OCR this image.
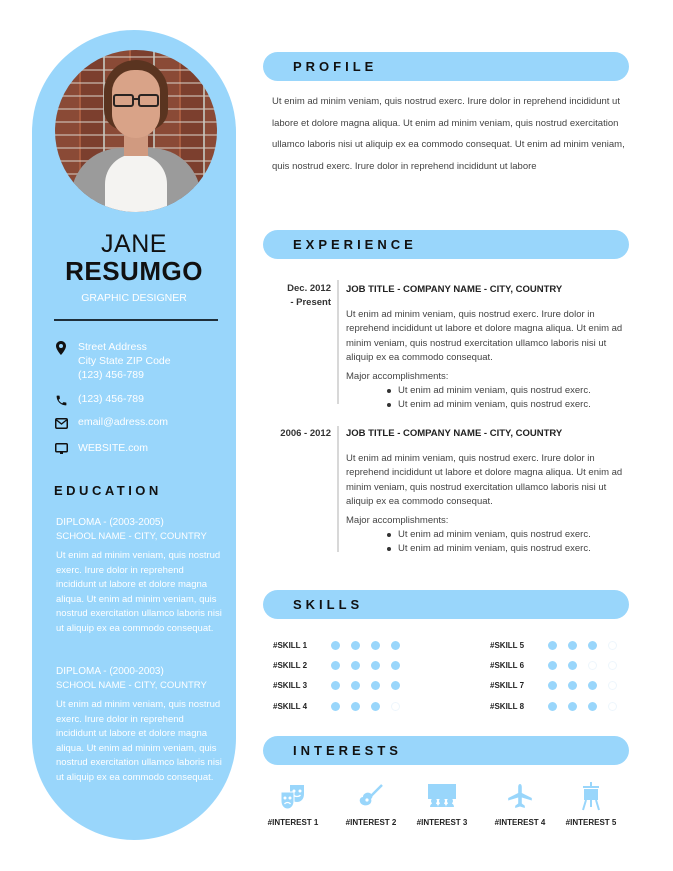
JANE
RESUMGO
GRAPHIC DESIGNER
Street Address
City State ZIP Code
(123) 456-789
(123) 456-789
email@adress.com
WEBSITE.com
EDUCATION
DIPLOMA - (2003-2005)
SCHOOL NAME - CITY, COUNTRY
Ut enim ad minim veniam, quis nostrud exerc. Irure dolor in reprehend incididunt ut labore et dolore magna aliqua. Ut enim ad minim veniam, quis nostrud exercitation ullamco laboris nisi ut aliquip ex ea commodo consequat.
DIPLOMA - (2000-2003)
SCHOOL NAME - CITY, COUNTRY
Ut enim ad minim veniam, quis nostrud exerc. Irure dolor in reprehend incididunt ut labore et dolore magna aliqua. Ut enim ad minim veniam, quis nostrud exercitation ullamco laboris nisi ut aliquip ex ea commodo consequat.
PROFILE
Ut enim ad minim veniam, quis nostrud exerc. Irure dolor in reprehend incididunt ut labore et dolore magna aliqua. Ut enim ad minim veniam, quis nostrud exercitation ullamco laboris nisi ut aliquip ex ea commodo consequat. Ut enim ad minim veniam, quis nostrud exerc. Irure dolor in reprehend incididunt ut labore
EXPERIENCE
Dec. 2012
- Present
JOB TITLE - COMPANY NAME - CITY, COUNTRY
Ut enim ad minim veniam, quis nostrud exerc. Irure dolor in reprehend incididunt ut labore et dolore magna aliqua. Ut enim ad minim veniam, quis nostrud exercitation ullamco laboris nisi ut aliquip ex ea commodo consequat.
Major accomplishments:
Ut enim ad minim veniam, quis nostrud exerc.
Ut enim ad minim veniam, quis nostrud exerc.
2006 - 2012 JOB TITLE - COMPANY NAME - CITY, COUNTRY
Ut enim ad minim veniam, quis nostrud exerc. Irure dolor in reprehend incididunt ut labore et dolore magna aliqua. Ut enim ad minim veniam, quis nostrud exercitation ullamco laboris nisi ut aliquip ex ea commodo consequat.
Major accomplishments:
Ut enim ad minim veniam, quis nostrud exerc.
Ut enim ad minim veniam, quis nostrud exerc.
SKILLS
#SKILL 1
#SKILL 2
#SKILL 3
#SKILL 4
#SKILL 5
#SKILL 6
#SKILL 7
#SKILL 8
INTERESTS
#INTEREST 1	#INTEREST 2	#INTEREST 3	#INTEREST 4	#INTEREST 5
